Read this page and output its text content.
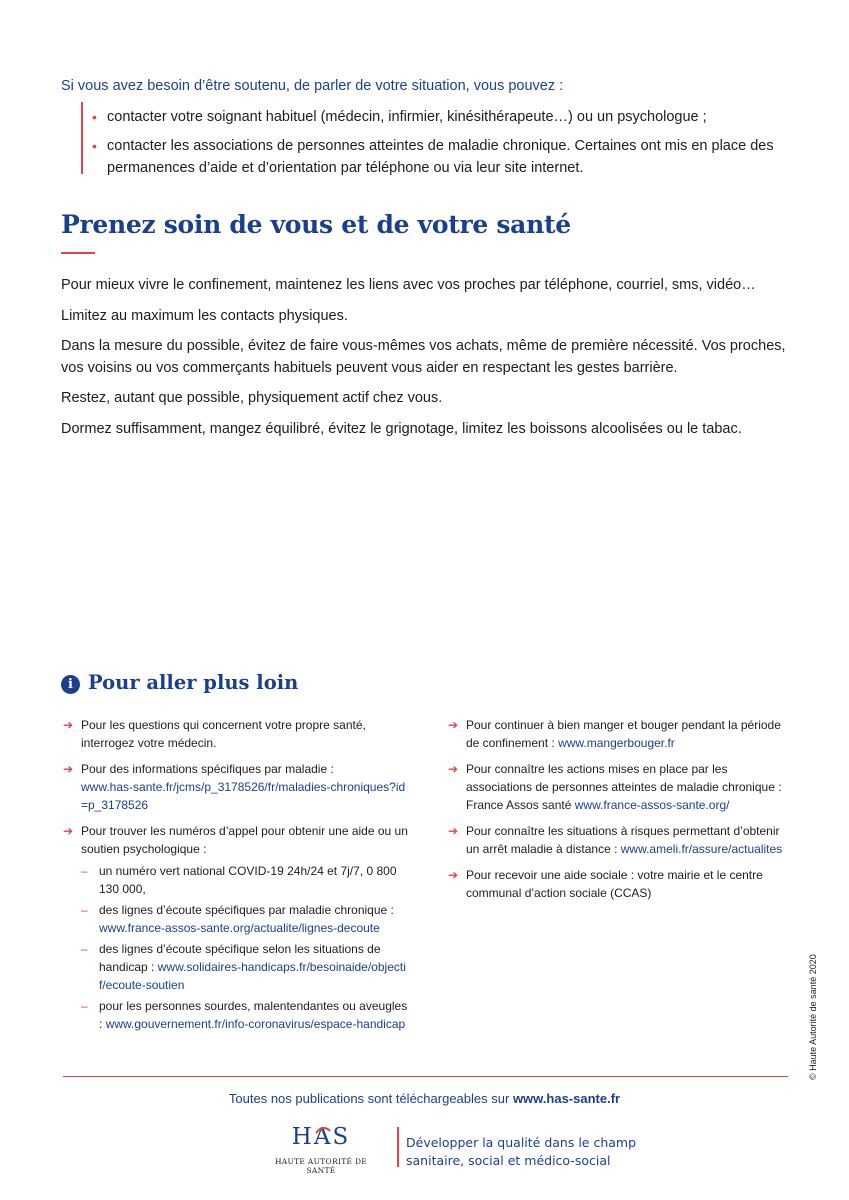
Si vous avez besoin d’être soutenu, de parler de votre situation, vous pouvez :
• contacter votre soignant habituel (médecin, infirmier, kinésithérapeute…) ou un psychologue ;
• contacter les associations de personnes atteintes de maladie chronique. Certaines ont mis en place des permanences d’aide et d’orientation par téléphone ou via leur site internet.
Prenez soin de vous et de votre santé
Pour mieux vivre le confinement, maintenez les liens avec vos proches par téléphone, courriel, sms, vidéo…
Limitez au maximum les contacts physiques.
Dans la mesure du possible, évitez de faire vous-mêmes vos achats, même de première nécessité. Vos proches, vos voisins ou vos commerçants habituels peuvent vous aider en respectant les gestes barrière.
Restez, autant que possible, physiquement actif chez vous.
Dormez suffisamment, mangez équilibré, évitez le grignotage, limitez les boissons alcoolisées ou le tabac.
i Pour aller plus loin
➔ Pour les questions qui concernent votre propre santé, interrogez votre médecin.
➔ Pour des informations spécifiques par maladie :
www.has-sante.fr/jcms/p_3178526/fr/maladies-chroniques?id=p_3178526
➔ Pour trouver les numéros d’appel pour obtenir une aide ou un soutien psychologique :
– un numéro vert national COVID-19 24h/24 et 7j/7, 0 800 130 000,
– des lignes d’écoute spécifiques par maladie chronique : www.france-assos-sante.org/actualite/lignes-decoute
– des lignes d’écoute spécifique selon les situations de handicap : www.solidaires-handicaps.fr/besoinaide/objectif/ecoute-soutien
– pour les personnes sourdes, malentendantes ou aveugles : www.gouvernement.fr/info-coronavirus/espace-handicap
➔ Pour continuer à bien manger et bouger pendant la période de confinement : www.mangerbouger.fr
➔ Pour connaître les actions mises en place par les associations de personnes atteintes de maladie chronique : France Assos santé www.france-assos-sante.org/
➔ Pour connaître les situations à risques permettant d’obtenir un arrêt maladie à distance : www.ameli.fr/assure/actualites
➔ Pour recevoir une aide sociale : votre mairie et le centre communal d’action sociale (CCAS)
Toutes nos publications sont téléchargeables sur www.has-sante.fr
HAS
HAUTE AUTORITÉ DE SANTÉ
Développer la qualité dans le champ
sanitaire, social et médico-social
© Haute Autorité de santé 2020
